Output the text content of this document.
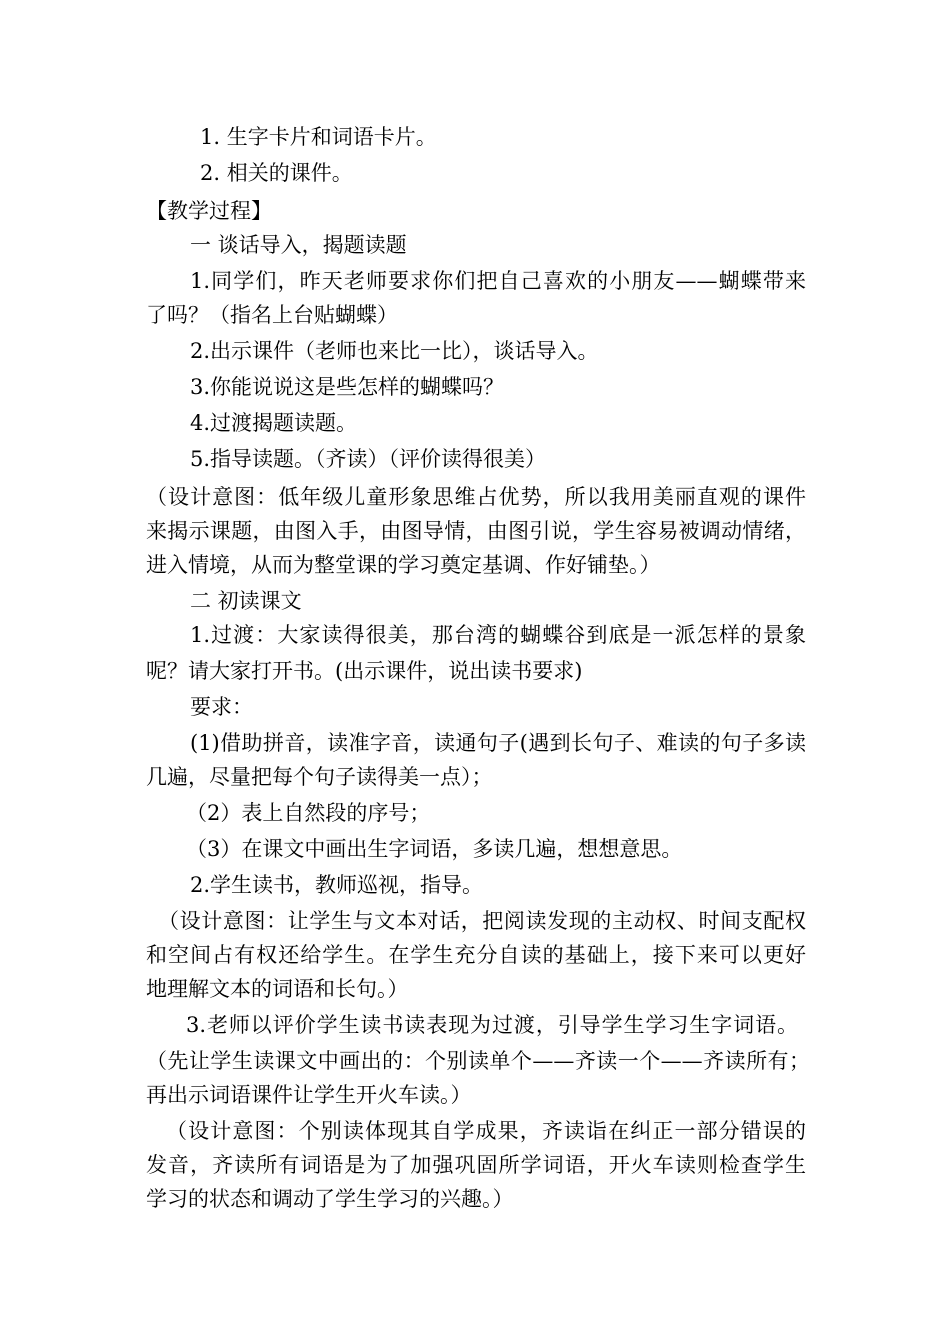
1. 生字卡片和词语卡片。
2. 相关的课件。
【教学过程】
一 谈话导入，揭题读题
1.同学们，昨天老师要求你们把自己喜欢的小朋友——蝴蝶带来
了吗？（指名上台贴蝴蝶）
2.出示课件（老师也来比一比），谈话导入。
3.你能说说这是些怎样的蝴蝶吗？
4.过渡揭题读题。
5.指导读题。（齐读）（评价读得很美）
（设计意图：低年级儿童形象思维占优势，所以我用美丽直观的课件
来揭示课题，由图入手，由图导情，由图引说，学生容易被调动情绪，
进入情境，从而为整堂课的学习奠定基调、作好铺垫。）
二 初读课文
1.过渡：大家读得很美，那台湾的蝴蝶谷到底是一派怎样的景象
呢？请大家打开书。(出示课件，说出读书要求)
要求：
(1)借助拼音，读准字音，读通句子(遇到长句子、难读的句子多读
几遍，尽量把每个句子读得美一点）；
（2）表上自然段的序号；
（3）在课文中画出生字词语，多读几遍，想想意思。
2.学生读书，教师巡视，指导。
（设计意图：让学生与文本对话，把阅读发现的主动权、时间支配权
和空间占有权还给学生。在学生充分自读的基础上，接下来可以更好
地理解文本的词语和长句。）
3.老师以评价学生读书读表现为过渡，引导学生学习生字词语。
（先让学生读课文中画出的：个别读单个——齐读一个——齐读所有；
再出示词语课件让学生开火车读。）
（设计意图：个别读体现其自学成果，齐读诣在纠正一部分错误的
发音，齐读所有词语是为了加强巩固所学词语，开火车读则检查学生
学习的状态和调动了学生学习的兴趣。）
